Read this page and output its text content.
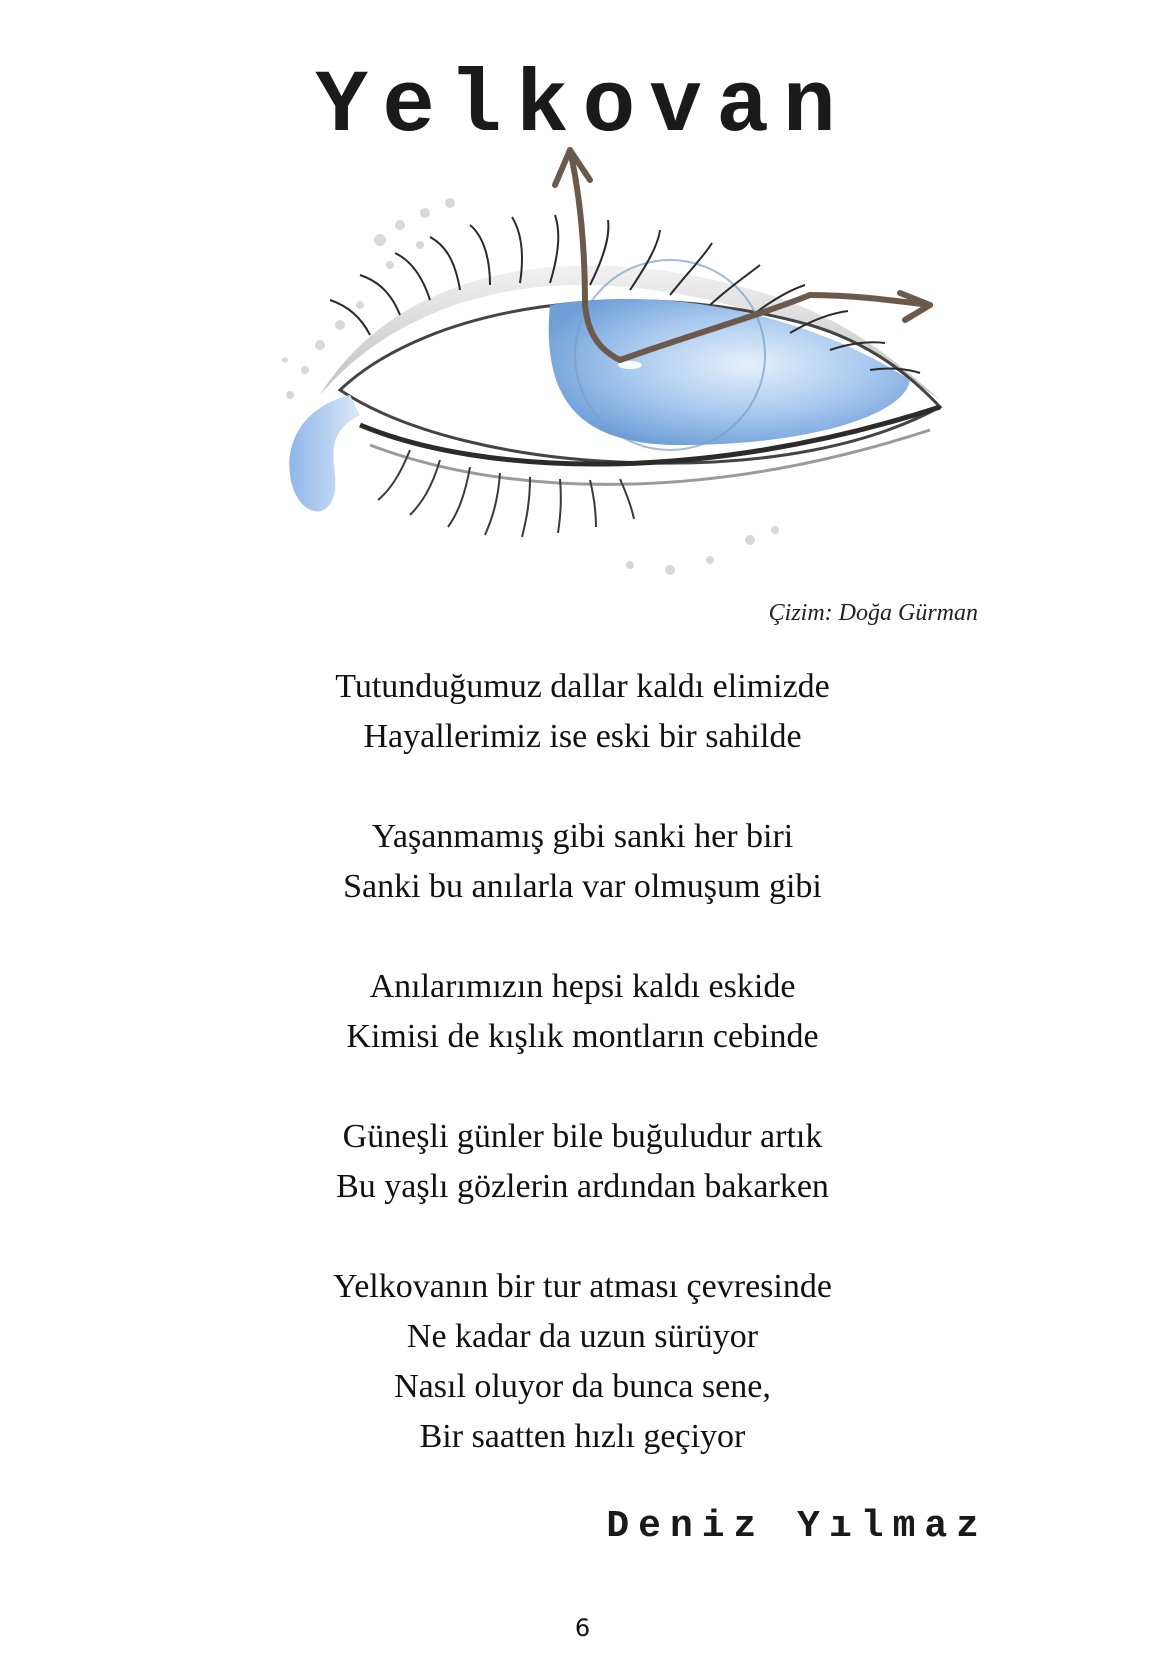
Yelkovan
Çizim: Doğa Gürman
Tutunduğumuz dallar kaldı elimizde
Hayallerimiz ise eski bir sahilde
Yaşanmamış gibi sanki her biri
Sanki bu anılarla var olmuşum gibi
Anılarımızın hepsi kaldı eskide
Kimisi de kışlık montların cebinde
Güneşli günler bile buğuludur artık
Bu yaşlı gözlerin ardından bakarken
Yelkovanın bir tur atması çevresinde
Ne kadar da uzun sürüyor
Nasıl oluyor da bunca sene,
Bir saatten hızlı geçiyor
Deniz Yılmaz
6
